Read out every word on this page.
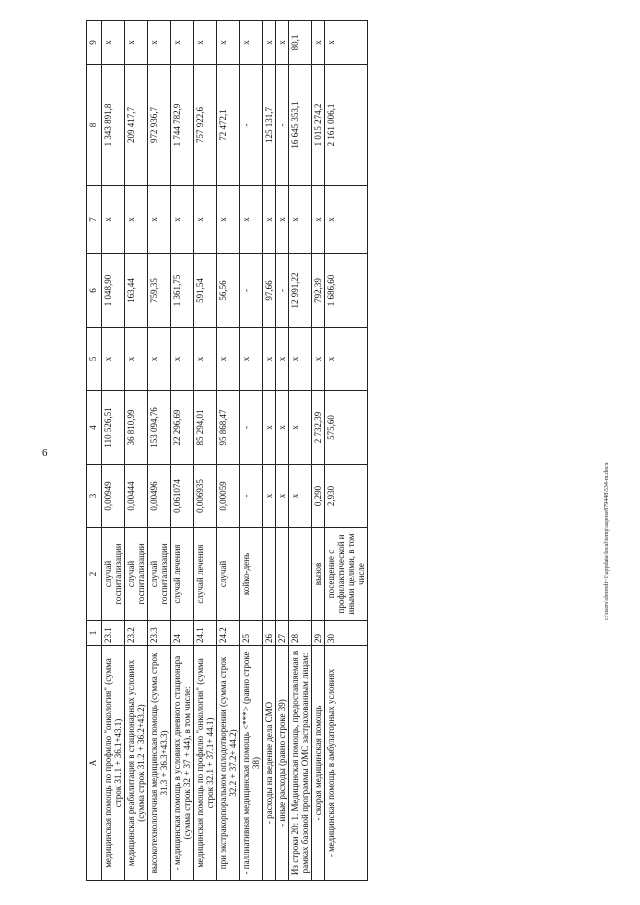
6
А	1	2	3	4	5	6	7	8	9
медицинская помощь по профилю "онкология" (сумма строк 31.1 + 36.1+43.1)	23.1	случай госпитализации	0,00949	110 526,51	х	1 048,90	х	1 343 891,8	х
медицинская реабилитация в стационарных условиях (сумма строк 31.2 + 36.2+43.2)	23.2	случай госпитализации	0,00444	36 810,99	х	163,44	х	209 417,7	х
высокотехнологичная медицинская помощь (сумма строк 31.3 + 36.3+43.3)	23.3	случай госпитализации	0,00496	153 094,76	х	759,35	х	972 936,7	х
- медицинская помощь в условиях дневного стационара (сумма строк 32 + 37 + 44), в том числе:	24	случай лечения	0,061074	22 296,69	х	1 361,75	х	1 744 782,9	х
медицинская помощь по профилю "онкология" (сумма строк 32.1 + 37.1+ 44.1)	24.1	случай лечения	0,006935	85 294,01	х	591,54	х	757 922,6	х
при экстракорпоральном оплодотворении (сумма строк 32.2 + 37.2+ 44.2)	24.2	случай	0,00059	95 868,47	х	56,56	х	72 472,1	х
- паллиативная медицинская помощь <***> (равно строке 38)	25	койко-день	-	-	х	-	х	-	х
- расходы на ведение дела СМО	26		х	х	х	97,66	х	125 131,7	х
- иные расходы (равно строке 39)	27		х	х	х	-	х	-	х
Из строки 20: 1. Медицинская помощь, предоставляемая в рамках базовой программы ОМС застрахованным лицам:	28		х	х	х	12 991,22	х	16 645 353,1	80,1
- скорая медицинская помощь	29	вызов	0,290	2 732,39	х	792,39	х	1 015 274,2	х
- медицинская помощь в амбулаторных условиях	30	посещение с профилактической и иными целями, в том числе	2,930	575,60	х	1 686,60	х	2 161 006,1	х
c:\users\sborodi~1\appdata\local\temp\aspose879448\534-m.docx
